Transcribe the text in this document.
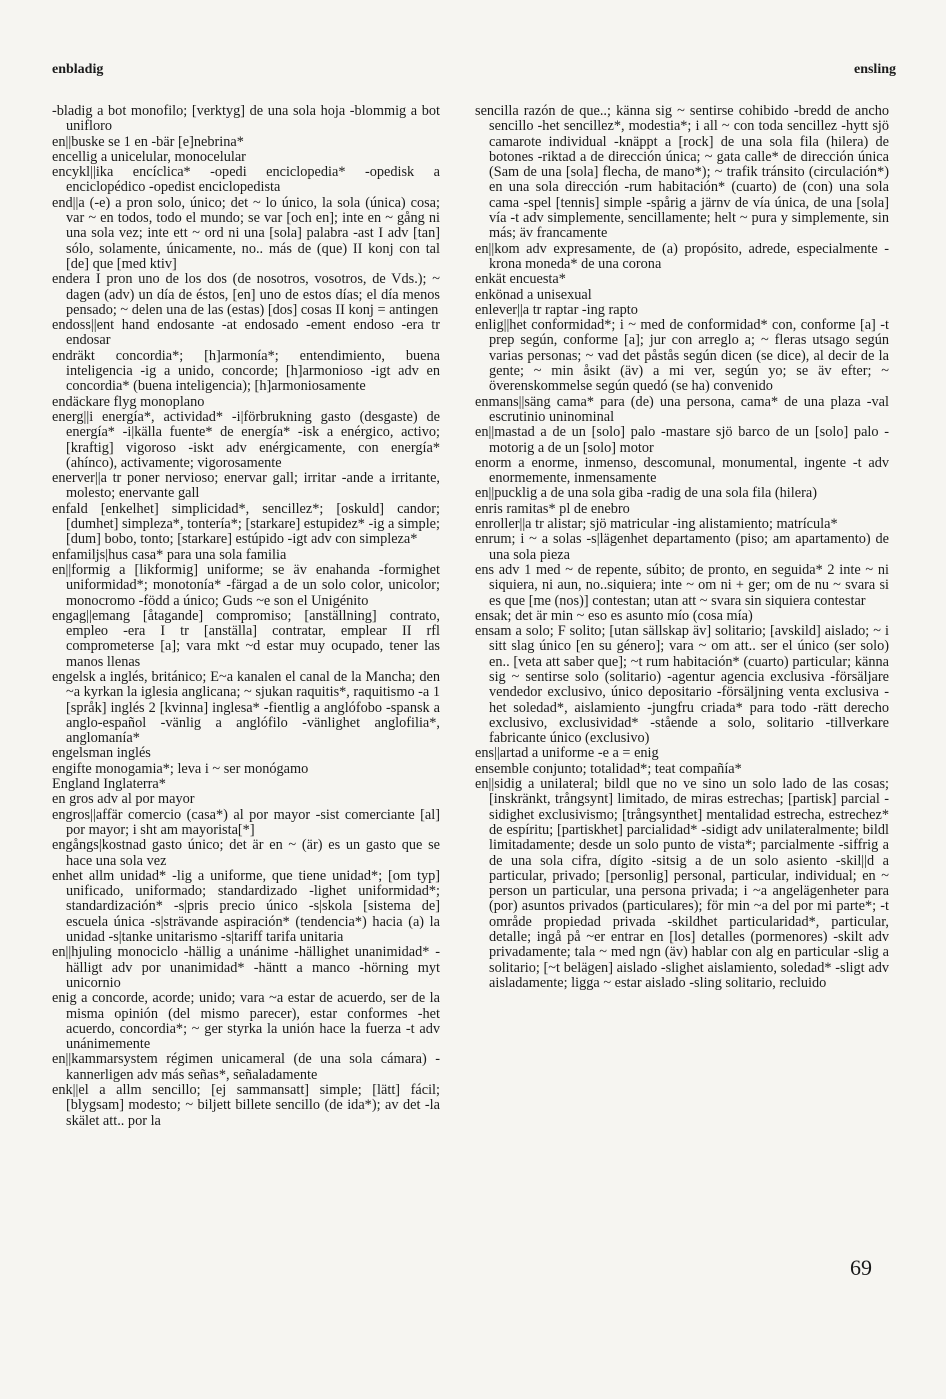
enbladig	ensling

-bladig a bot monofilo; [verktyg] de una sola hoja -blommig a bot unifloro

en||buske se 1 en -bär [e]nebrina*

encellig a unicelular, monocelular

encykl||ika encíclica* -opedi enciclopedia* -opedisk a enciclopédico -opedist enciclopedista

end||a (-e) a pron solo, único; det ~ lo único, la sola (única) cosa; var ~ en todos, todo el mundo; se var [och en]; inte en ~ gång ni una sola vez; inte ett ~ ord ni una [sola] palabra -ast I adv [tan] sólo, solamente, únicamente, no.. más de (que) II konj con tal [de] que [med ktiv]

endera I pron uno de los dos (de nosotros, vosotros, de Vds.); ~ dagen (adv) un día de éstos, [en] uno de estos días; el día menos pensado; ~ delen una de las (estas) [dos] cosas II konj = antingen

endoss||ent hand endosante -at endosado -ement endoso -era tr endosar

endräkt concordia*; [h]armonía*; entendimiento, buena inteligencia -ig a unido, concorde; [h]armonioso -igt adv en concordia* (buena inteligencia); [h]armoniosamente

endäckare flyg monoplano

energ||i energía*, actividad* -i|förbrukning gasto (desgaste) de energía* -i|källa fuente* de energía* -isk a enérgico, activo; [kraftig] vigoroso -iskt adv enérgicamente, con energía* (ahínco), activamente; vigorosamente

enerver||a tr poner nervioso; enervar gall; irritar -ande a irritante, molesto; enervante gall

enfald [enkelhet] simplicidad*, sencillez*; [oskuld] candor; [dumhet] simpleza*, tontería*; [starkare] estupidez* -ig a simple; [dum] bobo, tonto; [starkare] estúpido -igt adv con simpleza*

enfamiljs|hus casa* para una sola familia

en||formig a [likformig] uniforme; se äv enahanda -formighet uniformidad*; monotonía* -färgad a de un solo color, unicolor; monocromo -född a único; Guds ~e son el Unigénito

engag||emang [åtagande] compromiso; [anställning] contrato, empleo -era I tr [anställa] contratar, emplear II rfl comprometerse [a]; vara mkt ~d estar muy ocupado, tener las manos llenas

engelsk a inglés, británico; E~a kanalen el canal de la Mancha; den ~a kyrkan la iglesia anglicana; ~ sjukan raquitis*, raquitismo -a 1 [språk] inglés 2 [kvinna] inglesa* -fientlig a anglófobo -spansk a anglo-español -vänlig a anglófilo -vänlighet anglofilia*, anglomanía*

engelsman inglés

engifte monogamia*; leva i ~ ser monógamo

England Inglaterra*

en gros adv al por mayor

engros||affär comercio (casa*) al por mayor -sist comerciante [al] por mayor; i sht am mayorista[*]

engångs|kostnad gasto único; det är en ~ (är) es un gasto que se hace una sola vez

enhet allm unidad* -lig a uniforme, que tiene unidad*; [om typ] unificado, uniformado; standardizado -lighet uniformidad*; standardización* -s|pris precio único -s|skola [sistema de] escuela única -s|strävande aspiración* (tendencia*) hacia (a) la unidad -s|tanke unitarismo -s|tariff tarifa unitaria

en||hjuling monociclo -hällig a unánime -hällighet unanimidad* -hälligt adv por unanimidad* -häntt a manco -hörning myt unicornio

enig a concorde, acorde; unido; vara ~a estar de acuerdo, ser de la misma opinión (del mismo parecer), estar conformes -het acuerdo, concordia*; ~ ger styrka la unión hace la fuerza -t adv unánimemente

en||kammarsystem régimen unicameral (de una sola cámara) -kannerligen adv más señas*, señaladamente

enk||el a allm sencillo; [ej sammansatt] simple; [lätt] fácil; [blygsam] modesto; ~ biljett billete sencillo (de ida*); av det -la skälet att.. por la

sencilla razón de que..; känna sig ~ sentirse cohibido -bredd de ancho sencillo -het sencillez*, modestia*; i all ~ con toda sencillez -hytt sjö camarote individual -knäppt a [rock] de una sola fila (hilera) de botones -riktad a de dirección única; ~ gata calle* de dirección única (Sam de una [sola] flecha, de mano*); ~ trafik tránsito (circulación*) en una sola dirección -rum habitación* (cuarto) de (con) una sola cama -spel [tennis] simple -spårig a järnv de vía única, de una [sola] vía -t adv simplemente, sencillamente; helt ~ pura y simplemente, sin más; äv francamente

en||kom adv expresamente, de (a) propósito, adrede, especialmente -krona moneda* de una corona

enkät encuesta*

enkönad a unisexual

enlever||a tr raptar -ing rapto

enlig||het conformidad*; i ~ med de conformidad* con, conforme [a] -t prep según, conforme [a]; jur con arreglo a; ~ fleras utsago según varias personas; ~ vad det påstås según dicen (se dice), al decir de la gente; ~ min åsikt (äv) a mi ver, según yo; se äv efter; ~ överenskommelse según quedó (se ha) convenido

enmans||säng cama* para (de) una persona, cama* de una plaza -val escrutinio uninominal

en||mastad a de un [solo] palo -mastare sjö barco de un [solo] palo -motorig a de un [solo] motor

enorm a enorme, inmenso, descomunal, monumental, ingente -t adv enormemente, inmensamente

en||pucklig a de una sola giba -radig de una sola fila (hilera)

enris ramitas* pl de enebro

enroller||a tr alistar; sjö matricular -ing alistamiento; matrícula*

enrum; i ~ a solas -s|lägenhet departamento (piso; am apartamento) de una sola pieza

ens adv 1 med ~ de repente, súbito; de pronto, en seguida* 2 inte ~ ni siquiera, ni aun, no..siquiera; inte ~ om ni + ger; om de nu ~ svara si es que [me (nos)] contestan; utan att ~ svara sin siquiera contestar

ensak; det är min ~ eso es asunto mío (cosa mía)

ensam a solo; F solito; [utan sällskap äv] solitario; [avskild] aislado; ~ i sitt slag único [en su género]; vara ~ om att.. ser el único (ser solo) en.. [veta att saber que]; ~t rum habitación* (cuarto) particular; känna sig ~ sentirse solo (solitario) -agentur agencia exclusiva -försäljare vendedor exclusivo, único depositario -försäljning venta exclusiva -het soledad*, aislamiento -jungfru criada* para todo -rätt derecho exclusivo, exclusividad* -stående a solo, solitario -tillverkare fabricante único (exclusivo)

ens||artad a uniforme -e a = enig

ensemble conjunto; totalidad*; teat compañía*

en||sidig a unilateral; bildl que no ve sino un solo lado de las cosas; [inskränkt, trångsynt] limitado, de miras estrechas; [partisk] parcial -sidighet exclusivismo; [trångsynthet] mentalidad estrecha, estrechez* de espíritu; [partiskhet] parcialidad* -sidigt adv unilateralmente; bildl limitadamente; desde un solo punto de vista*; parcialmente -siffrig a de una sola cifra, dígito -sitsig a de un solo asiento -skil||d a particular, privado; [personlig] personal, particular, individual; en ~ person un particular, una persona privada; i ~a angelägenheter para (por) asuntos privados (particulares); för min ~a del por mi parte*; -t område propiedad privada -skildhet particularidad*, particular, detalle; ingå på ~er entrar en [los] detalles (pormenores) -skilt adv privadamente; tala ~ med ngn (äv) hablar con alg en particular -slig a solitario; [~t belägen] aislado -slighet aislamiento, soledad* -sligt adv aisladamente; ligga ~ estar aislado -sling solitario, recluido

69
